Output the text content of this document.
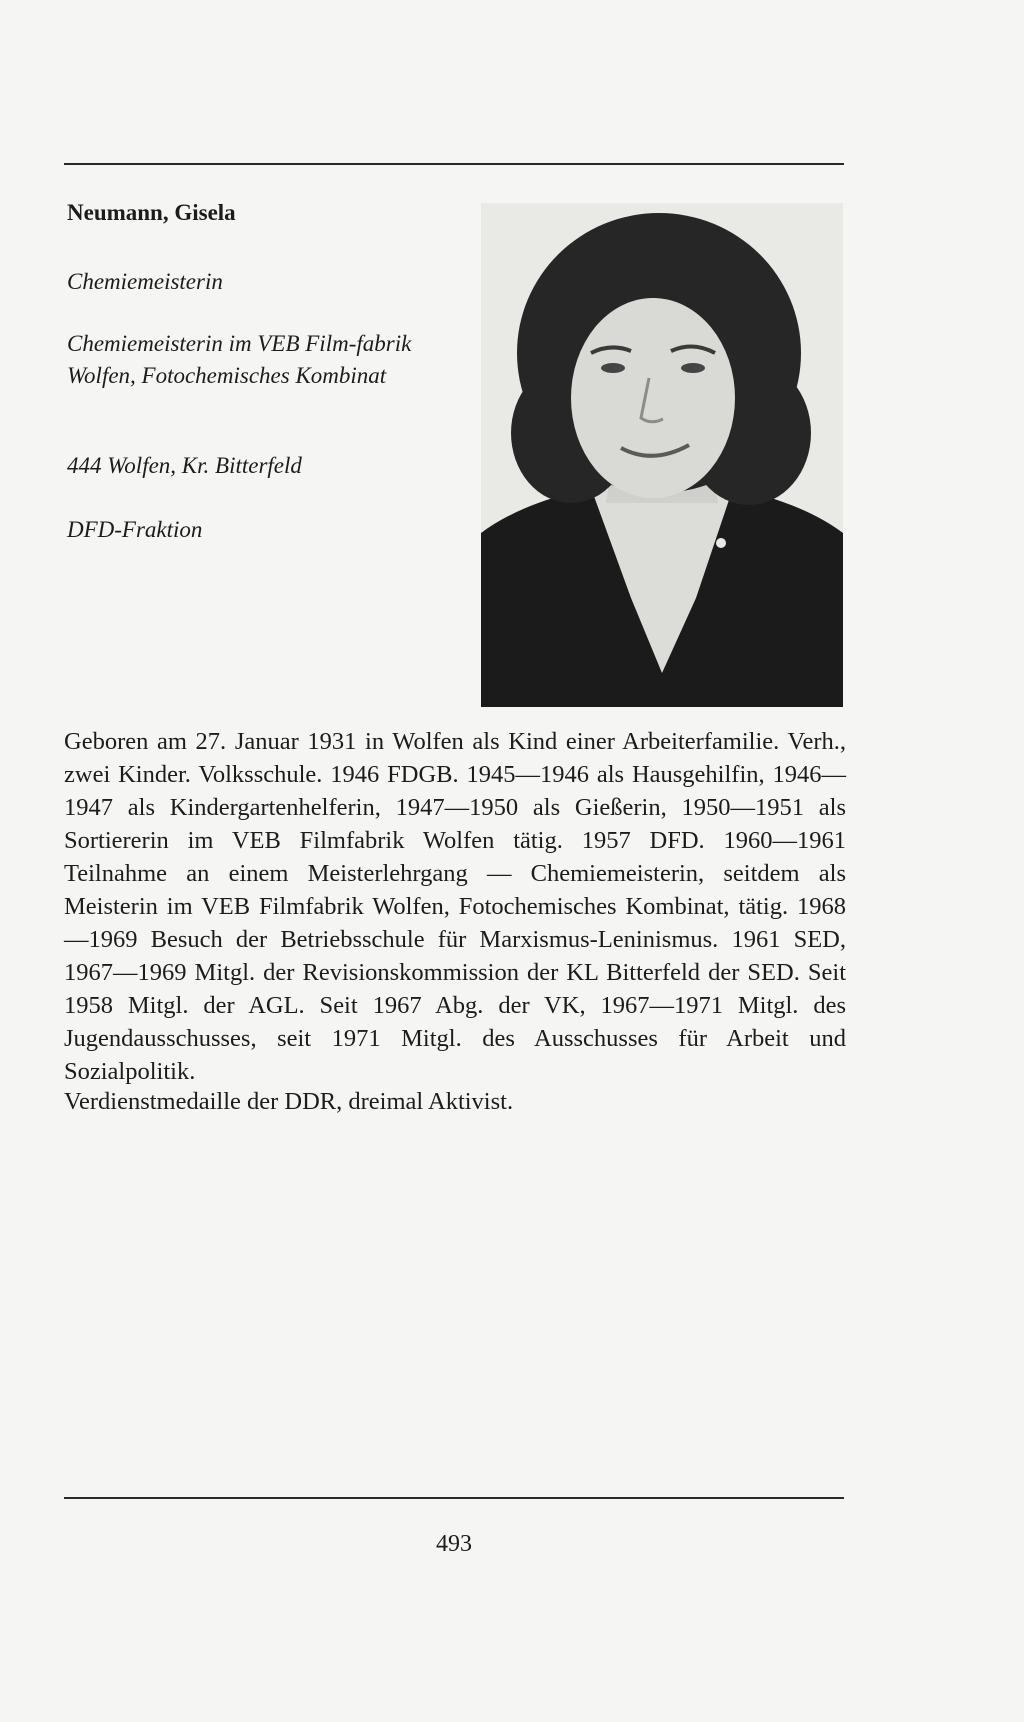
Neumann, Gisela

Chemiemeisterin

Chemiemeisterin im VEB Film-fabrik Wolfen, Fotochemisches Kombinat

444 Wolfen, Kr. Bitterfeld

DFD-Fraktion

Geboren am 27. Januar 1931 in Wolfen als Kind einer Arbeiterfamilie. Verh., zwei Kinder. Volksschule. 1946 FDGB. 1945—1946 als Hausgehilfin, 1946—1947 als Kindergartenhelferin, 1947—1950 als Gießerin, 1950—1951 als Sortiererin im VEB Filmfabrik Wolfen tätig. 1957 DFD. 1960—1961 Teilnahme an einem Meisterlehrgang — Chemiemeisterin, seitdem als Meisterin im VEB Filmfabrik Wolfen, Fotochemisches Kombinat, tätig. 1968—1969 Besuch der Betriebsschule für Marxismus-Leninismus. 1961 SED, 1967—1969 Mitgl. der Revisionskommission der KL Bitterfeld der SED. Seit 1958 Mitgl. der AGL. Seit 1967 Abg. der VK, 1967—1971 Mitgl. des Jugendausschusses, seit 1971 Mitgl. des Ausschusses für Arbeit und Sozialpolitik.

Verdienstmedaille der DDR, dreimal Aktivist.

493
